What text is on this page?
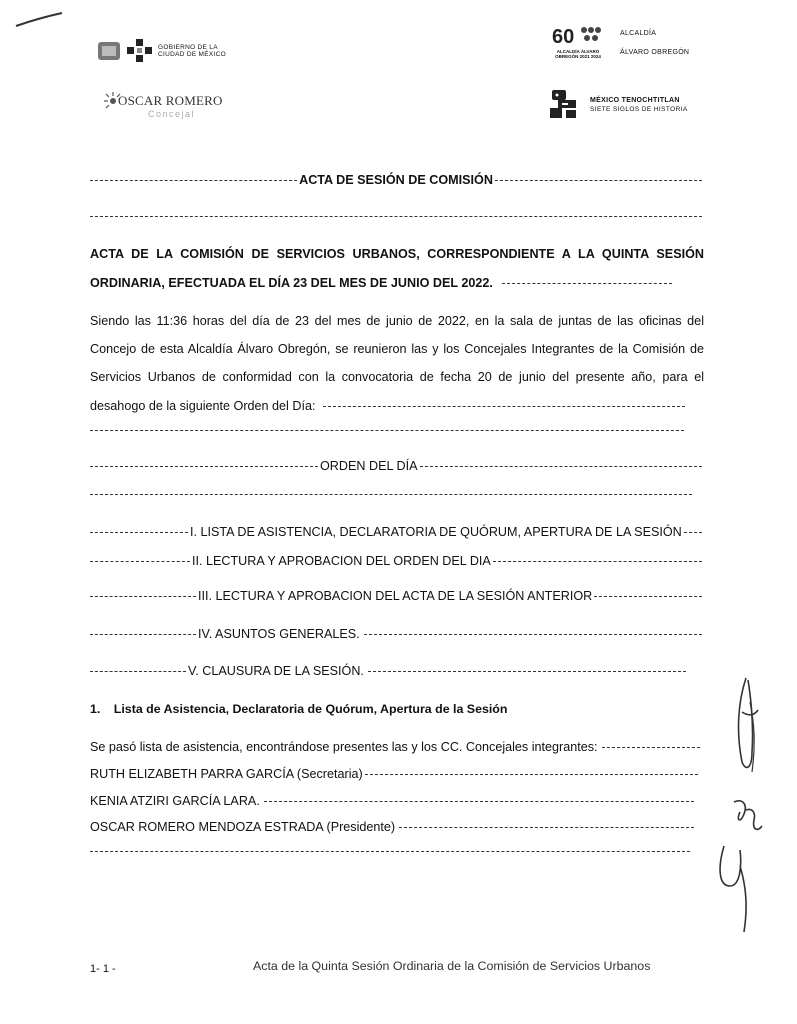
GOBIERNO DE LA
CIUDAD DE MÉXICO
OSCAR ROMERO
Concejal
60
ALCALDÍA ÁLVARO OBREGÓN 2021 2024
ALCALDÍA
ÁLVARO OBREGÓN
MÉXICO TENOCHTITLAN
SIETE SIGLOS DE HISTORIA
ACTA DE SESIÓN DE COMISIÓN
ACTA DE LA COMISIÓN DE SERVICIOS URBANOS, CORRESPONDIENTE A LA QUINTA SESIÓN ORDINARIA, EFECTUADA EL DÍA 23 DEL MES DE JUNIO DEL 2022.
Siendo las 11:36 horas del día de 23 del mes de junio de 2022, en la sala de juntas de las oficinas del Concejo de esta Alcaldía Álvaro Obregón, se reunieron las y los Concejales Integrantes de la Comisión de Servicios Urbanos de conformidad con la convocatoria de fecha 20 de junio del presente año, para el desahogo de la siguiente Orden del Día:
ORDEN DEL DÍA
I. LISTA DE ASISTENCIA, DECLARATORIA DE QUÓRUM, APERTURA DE LA SESIÓN
II. LECTURA Y APROBACION DEL ORDEN DEL DIA
III. LECTURA Y APROBACION DEL ACTA DE LA SESIÓN ANTERIOR
IV. ASUNTOS GENERALES.
V. CLAUSURA DE LA SESIÓN.
1. Lista de Asistencia, Declaratoria de Quórum, Apertura de la Sesión
Se pasó lista de asistencia, encontrándose presentes las y los CC. Concejales integrantes:
RUTH ELIZABETH PARRA GARCÍA (Secretaria)
KENIA ATZIRI GARCÍA LARA.
OSCAR ROMERO MENDOZA ESTRADA (Presidente)
1- 1 -	Acta de la Quinta Sesión Ordinaria de la Comisión de Servicios Urbanos
